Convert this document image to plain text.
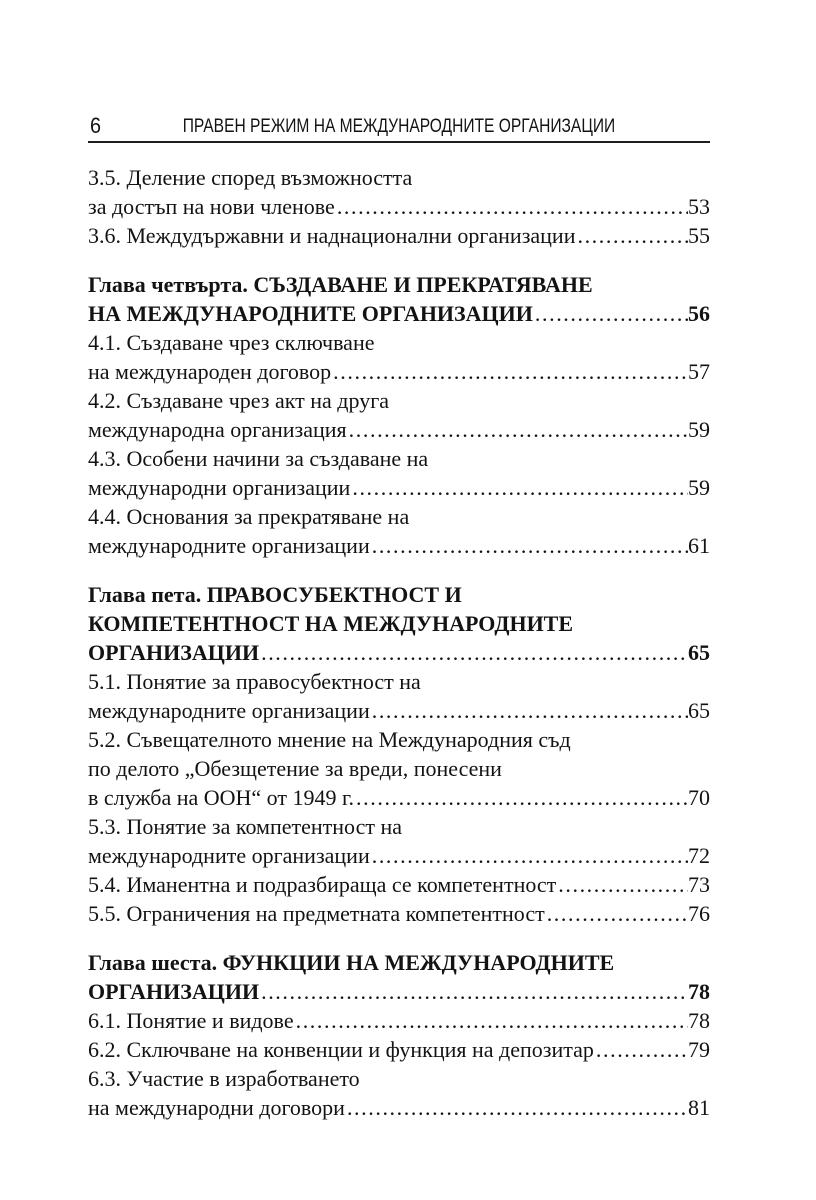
6	ПРАВЕН РЕЖИМ НА МЕЖДУНАРОДНИТЕ ОРГАНИЗАЦИИ
3.5. Деление според възможността
за достъп на нови членове .....	53
3.6. Междудържавни и наднационални организации .....	55
Глава четвърта. СЪЗДАВАНЕ И ПРЕКРАТЯВАНЕ
НА МЕЖДУНАРОДНИТЕ ОРГАНИЗАЦИИ .....	56
4.1. Създаване чрез сключване
на международен договор .....	57
4.2. Създаване чрез акт на друга
международна организация .....	59
4.3. Особени начини за създаване на
международни организации .....	59
4.4. Основания за прекратяване на
международните организации .....	61
Глава пета. ПРАВОСУБЕКТНОСТ И
КОМПЕТЕНТНОСТ НА МЕЖДУНАРОДНИТЕ
ОРГАНИЗАЦИИ .....	65
5.1. Понятие за правосубектност на
международните организации .....	65
5.2. Съвещателното мнение на Международния съд
по делото „Обезщетение за вреди, понесени
в служба на ООН“ от 1949 г. .....	70
5.3. Понятие за компетентност на
международните организации .....	72
5.4. Иманентна и подразбираща се компетентност .....	73
5.5. Ограничения на предметната компетентност .....	76
Глава шеста. ФУНКЦИИ НА МЕЖДУНАРОДНИТЕ
ОРГАНИЗАЦИИ .....	78
6.1. Понятие и видове .....	78
6.2. Сключване на конвенции и функция на депозитар .....	79
6.3. Участие в изработването
на международни договори .....	81
